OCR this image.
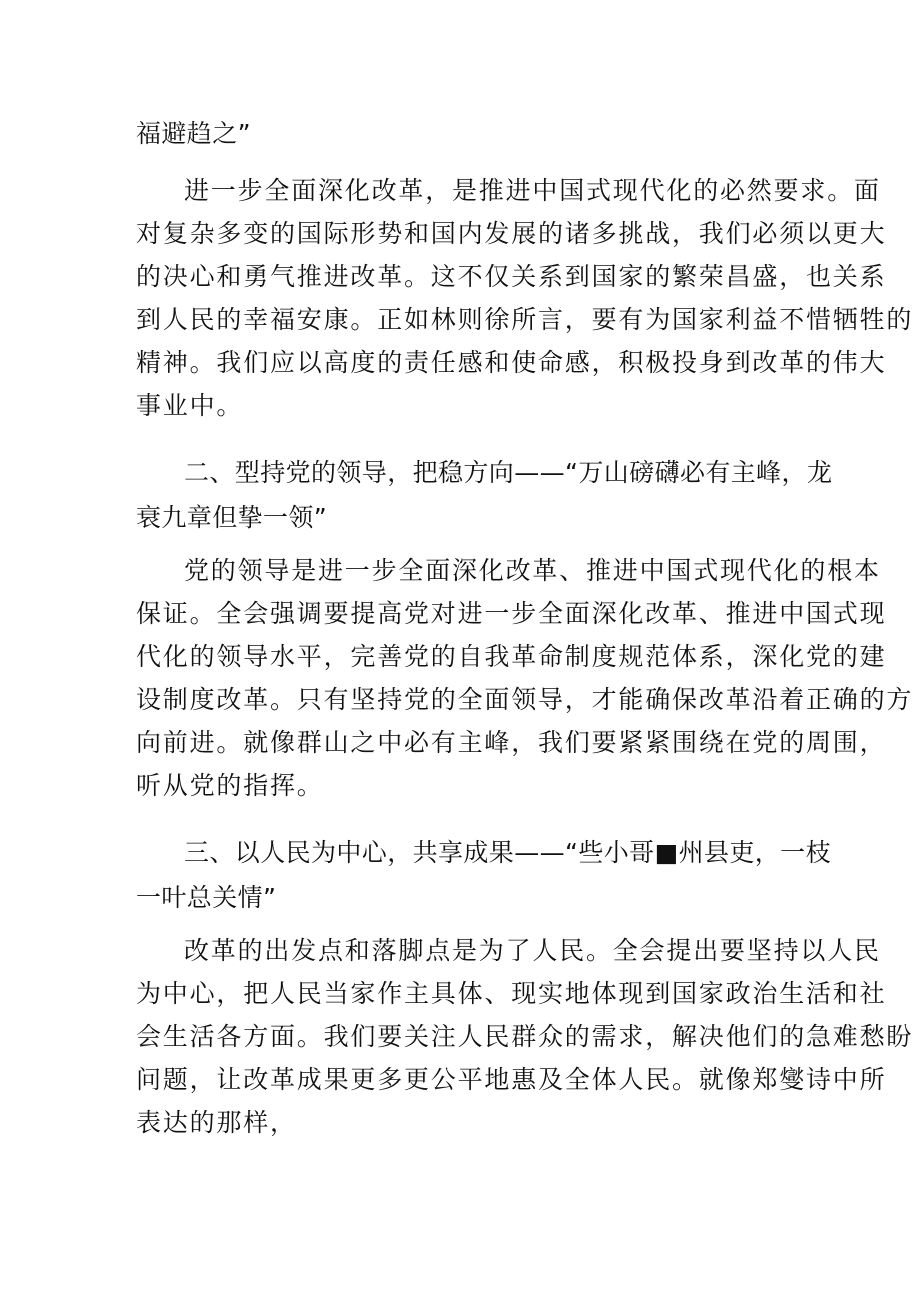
福避趋之”
进一步全面深化改革，是推进中国式现代化的必然要求。面
对复杂多变的国际形势和国内发展的诸多挑战，我们必须以更大
的决心和勇气推进改革。这不仅关系到国家的繁荣昌盛，也关系
到人民的幸福安康。正如林则徐所言，要有为国家利益不惜牺牲的
精神。我们应以高度的责任感和使命感，积极投身到改革的伟大
事业中。
二、型持党的领导，把稳方向——“万山磅礴必有主峰，龙
衰九章但挚一领”
党的领导是进一步全面深化改革、推进中国式现代化的根本
保证。全会强调要提高党对进一步全面深化改革、推进中国式现
代化的领导水平，完善党的自我革命制度规范体系，深化党的建
设制度改革。只有坚持党的全面领导，才能确保改革沿着正确的方
向前进。就像群山之中必有主峰，我们要紧紧围绕在党的周围，
听从党的指挥。
三、以人民为中心，共享成果——“些小哥■州县吏，一枝
一叶总关情”
改革的出发点和落脚点是为了人民。全会提出要坚持以人民
为中心，把人民当家作主具体、现实地体现到国家政治生活和社
会生活各方面。我们要关注人民群众的需求，解决他们的急难愁盼
问题，让改革成果更多更公平地惠及全体人民。就像郑燮诗中所
表达的那样，
